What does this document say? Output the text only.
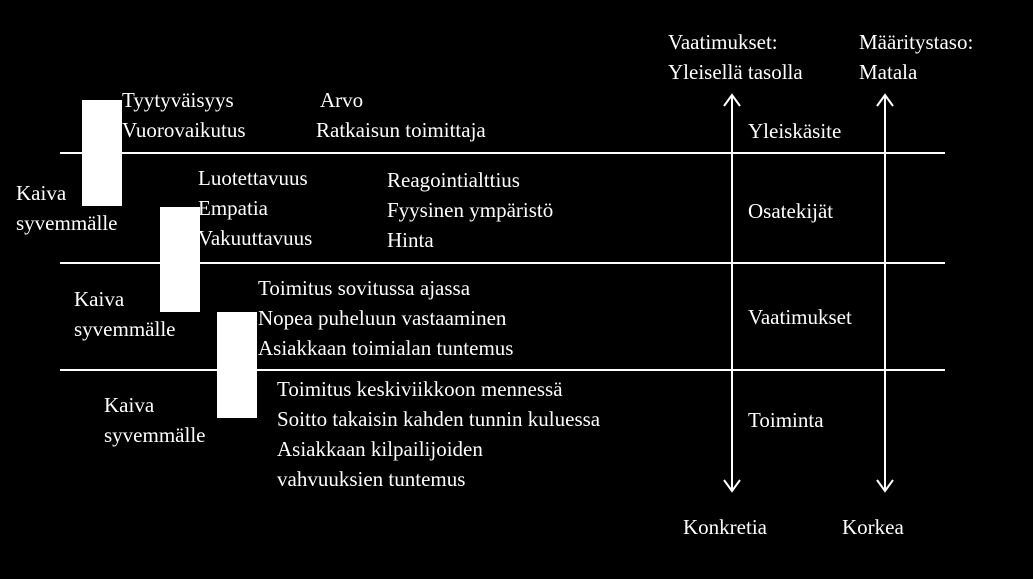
Vaatimukset:
Yleisellä tasolla
Määritystaso:
Matala
Konkretia	Korkea
Yleiskäsite
Osatekijät
Vaatimukset
Toiminta
Tyytyväisyys
Vuorovaikutus
Arvo
Ratkaisun toimittaja
Kaiva
syvemmälle
Luotettavuus
Empatia
Vakuuttavuus
Reagointialttius
Fyysinen ympäristö
Hinta
Kaiva
syvemmälle
Toimitus sovitussa ajassa
Nopea puheluun vastaaminen
Asiakkaan toimialan tuntemus
Kaiva
syvemmälle
Toimitus keskiviikkoon mennessä
Soitto takaisin kahden tunnin kuluessa
Asiakkaan kilpailijoiden
vahvuuksien tuntemus
